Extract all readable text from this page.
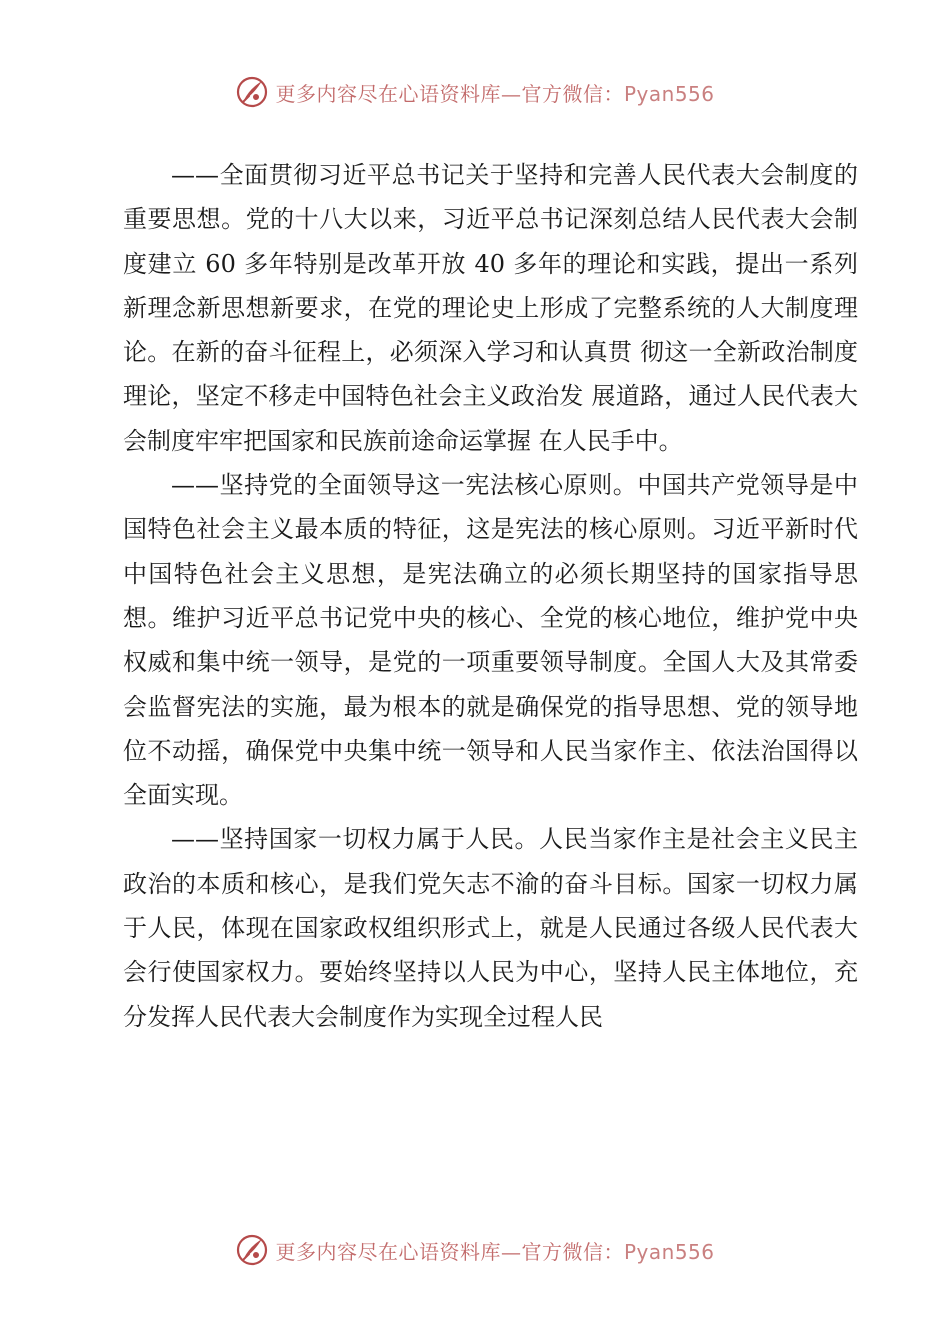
更多内容尽在心语资料库—官方微信：Pyan556

——全面贯彻习近平总书记关于坚持和完善人民代表大会制度的重要思想。党的十八大以来，习近平总书记深刻总结人民代表大会制度建立 60 多年特别是改革开放 40 多年的理论和实践，提出一系列新理念新思想新要求，在党的理论史上形成了完整系统的人大制度理论。在新的奋斗征程上，必须深入学习和认真贯 彻这一全新政治制度理论，坚定不移走中国特色社会主义政治发 展道路，通过人民代表大会制度牢牢把国家和民族前途命运掌握 在人民手中。

——坚持党的全面领导这一宪法核心原则。中国共产党领导是中国特色社会主义最本质的特征，这是宪法的核心原则。习近平新时代中国特色社会主义思想，是宪法确立的必须长期坚持的国家指导思想。维护习近平总书记党中央的核心、全党的核心地位，维护党中央权威和集中统一领导，是党的一项重要领导制度。全国人大及其常委会监督宪法的实施，最为根本的就是确保党的指导思想、党的领导地位不动摇，确保党中央集中统一领导和人民当家作主、依法治国得以全面实现。

——坚持国家一切权力属于人民。人民当家作主是社会主义民主政治的本质和核心，是我们党矢志不渝的奋斗目标。国家一切权力属于人民，体现在国家政权组织形式上，就是人民通过各级人民代表大会行使国家权力。要始终坚持以人民为中心，坚持人民主体地位，充分发挥人民代表大会制度作为实现全过程人民

更多内容尽在心语资料库—官方微信：Pyan556
